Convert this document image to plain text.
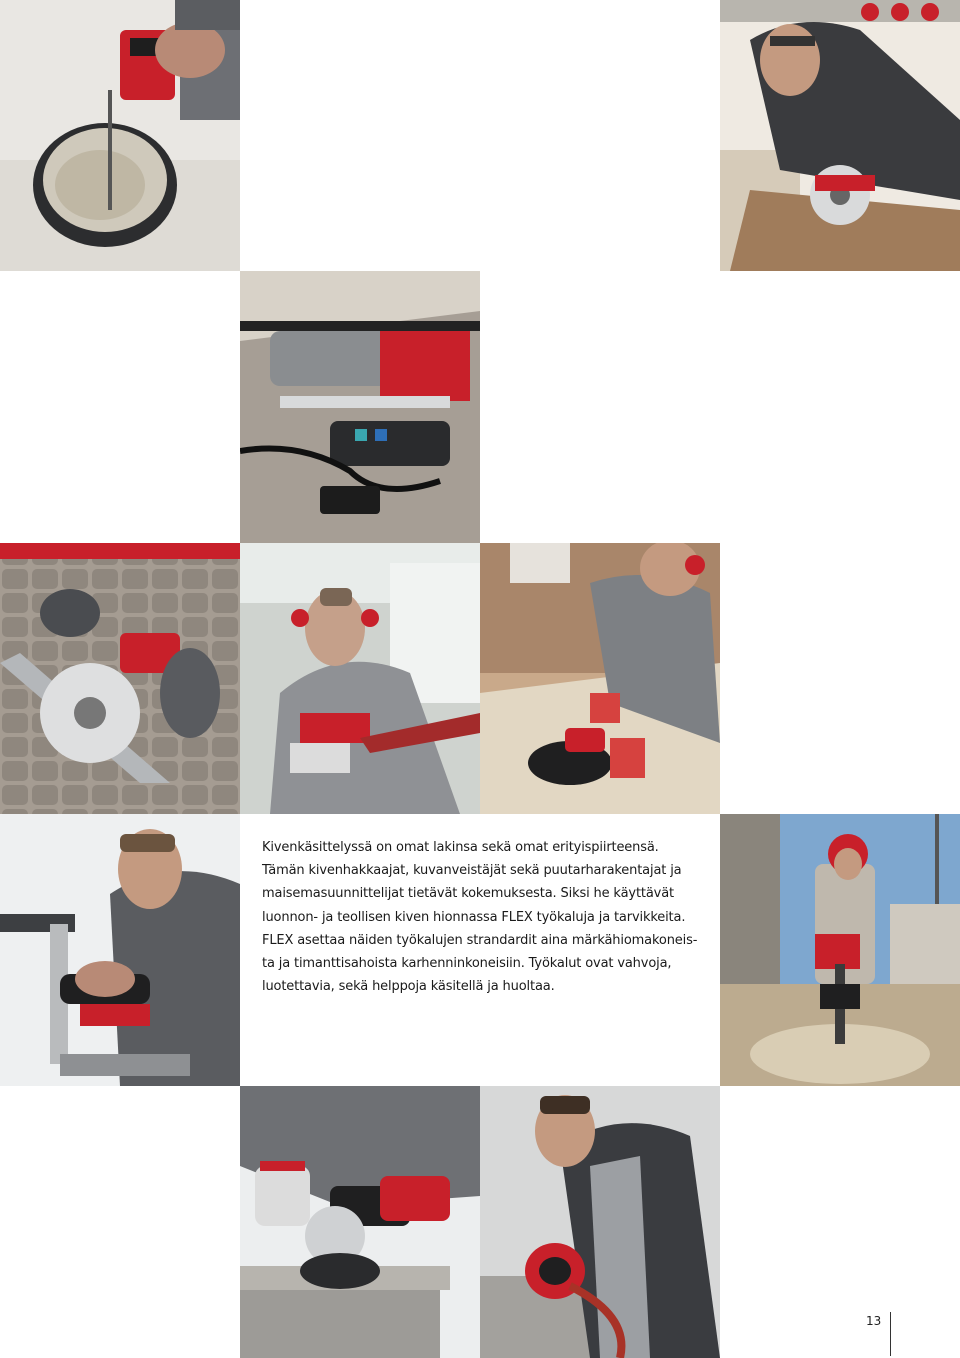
Kivenkäsittelyssä on omat lakinsa sekä omat erityispiirteensä.
Tämän kivenhakkaajat, kuvanveistäjät sekä puutarharakentajat ja
maisemasuunnittelijat tietävät kokemuksesta. Siksi he käyttävät
luonnon- ja teollisen kiven hionnassa FLEX työkaluja ja tarvikkeita.
FLEX asettaa näiden työkalujen strandardit aina märkähiomakoneis-
ta ja timanttisahoista karhenninkoneisiin. Työkalut ovat vahvoja,
luotettavia, sekä helppoja käsitellä ja huoltaa.
13
